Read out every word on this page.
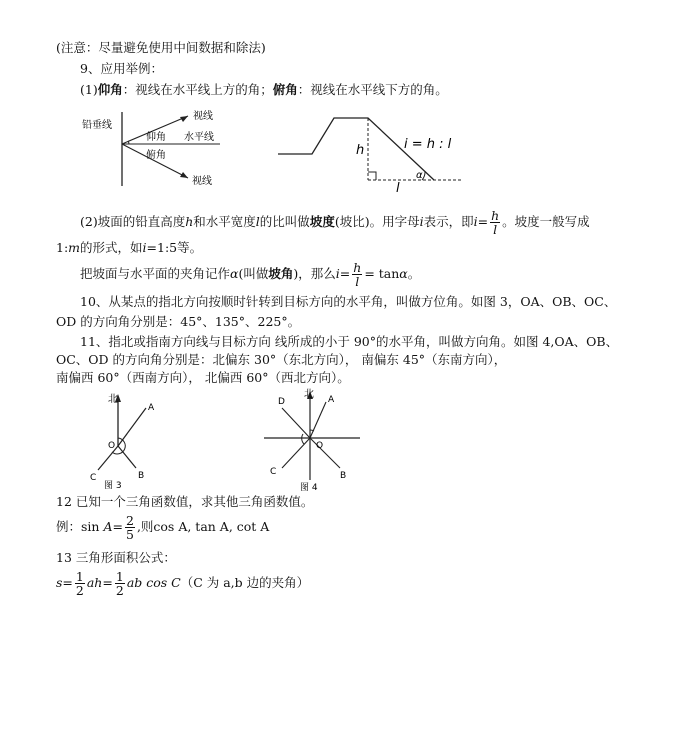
(注意：尽量避免使用中间数据和除法)
9、应用举例：
(1)仰角：视线在水平线上方的角；俯角：视线在水平线下方的角。
铅垂线
视线
仰角 水平线
俯角
视线
h	i = h : l
l
α
(2)坡面的铅直高度h和水平宽度l的比叫做坡度(坡比)。用字母i表示，即$i= \frac{h}{l}$ 。坡度一般写成
1:m的形式，如i=1:5等。
把坡面与水平面的夹角记作α(叫做坡角)，那么$i= \frac{h}{l} = \tan\alpha$。
10、从某点的指北方向按顺时针转到目标方向的水平角，叫做方位角。如图 3，OA、OB、OC、
OD 的方向角分别是：45°、135°、225°。
11、指北或指南方向线与目标方向 线所成的小于 90°的水平角，叫做方向角。如图 4,OA、OB、
OC、OD 的方向角分别是：北偏东 30°（东北方向）， 南偏东 45°（东南方向），
南偏西 60°（西南方向）， 北偏西 60°（西北方向）。
北
A
O
C	B
图 3
D
北 A
O
C	B
图 4
12 已知一个三角函数值，求其他三角函数值。
例：$\sin A= \frac{2}{5}$ ,则cos A, tan A, cot A
13 三角形面积公式：
$s= \frac{1}{2} ah= \frac{1}{2}$ ab cos C（C 为 a,b 边的夹角）
